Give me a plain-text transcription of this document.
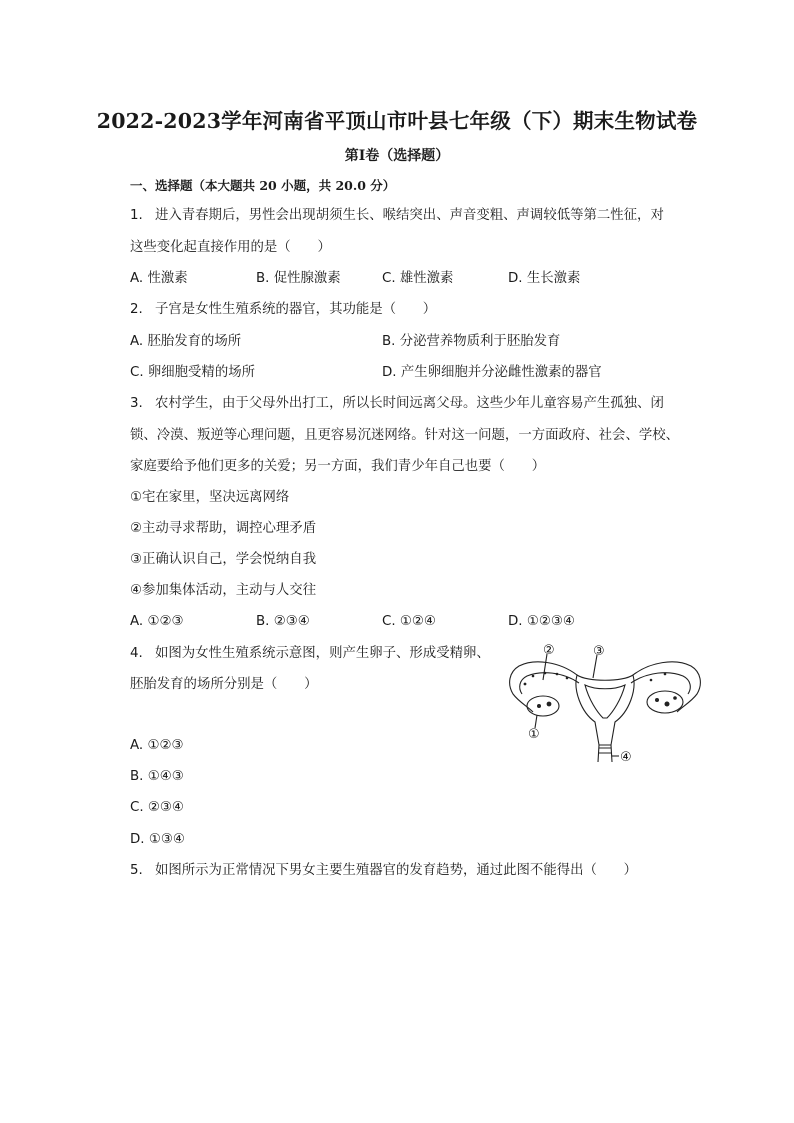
2022-2023学年河南省平顶山市叶县七年级（下）期末生物试卷
第I卷（选择题）
一、选择题（本大题共 20 小题，共 20.0 分）
1. 进入青春期后，男性会出现胡须生长、喉结突出、声音变粗、声调较低等第二性征，对
这些变化起直接作用的是（　　）
A. 性激素	B. 促性腺激素	C. 雄性激素	D. 生长激素
2. 子宫是女性生殖系统的器官，其功能是（　　）
A. 胚胎发育的场所	B. 分泌营养物质利于胚胎发育
C. 卵细胞受精的场所	D. 产生卵细胞并分泌雌性激素的器官
3. 农村学生，由于父母外出打工，所以长时间远离父母。这些少年儿童容易产生孤独、闭
锁、冷漠、叛逆等心理问题，且更容易沉迷网络。针对这一问题，一方面政府、社会、学校、
家庭要给予他们更多的关爱；另一方面，我们青少年自己也要（　　）
①宅在家里，坚决远离网络
②主动寻求帮助，调控心理矛盾
③正确认识自己，学会悦纳自我
④参加集体活动，主动与人交往
A. ①②③	B. ②③④	C. ①②④	D. ①②③④
4. 如图为女性生殖系统示意图，则产生卵子、形成受精卵、
胚胎发育的场所分别是（　　）
A. ①②③
B. ①④③
C. ②③④
D. ①③④
②	③
①
④
5. 如图所示为正常情况下男女主要生殖器官的发育趋势，通过此图不能得出（　　）
